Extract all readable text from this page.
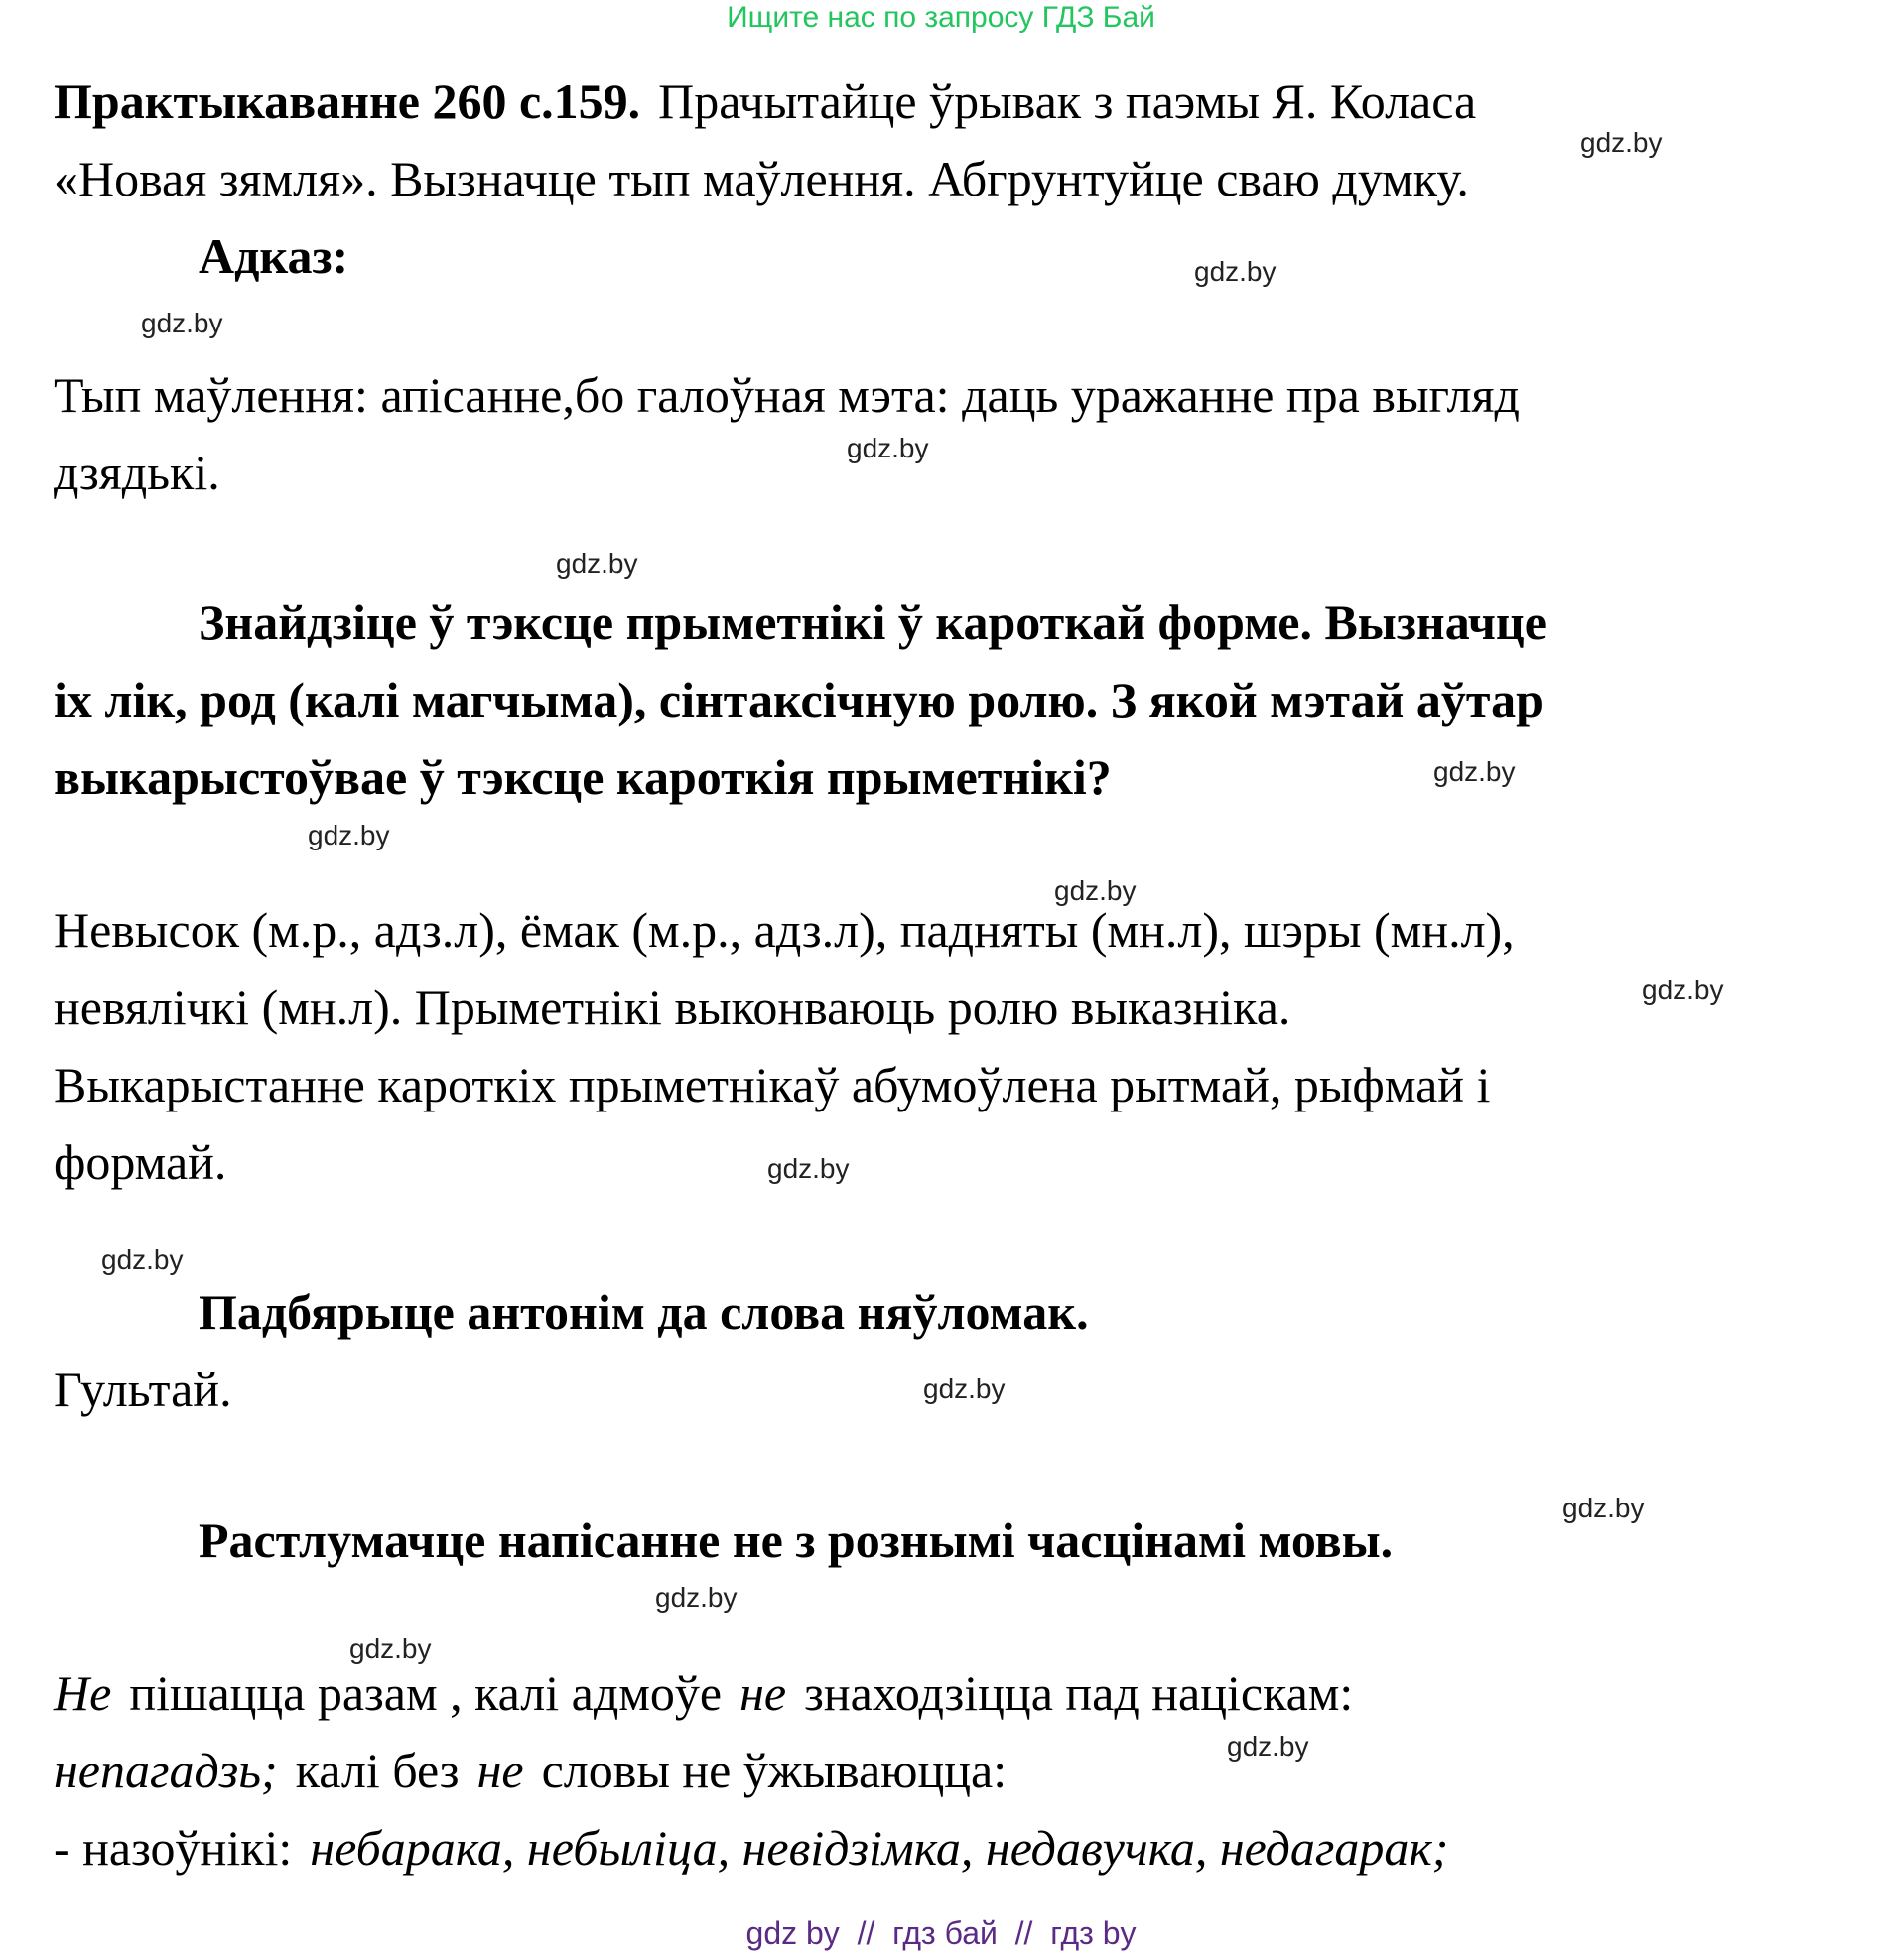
Ищите нас по запросу ГДЗ Бай
Практыкаванне 260 с.159. Прачытайце ўрывак з паэмы Я. Коласа
«Новая зямля». Вызначце тып маўлення. Абгрунтуйце сваю думку.
Адказ:
Тып маўлення: апісанне,бо галоўная мэта: даць уражанне пра выгляд
дзядькі.
Знайдзіце ў тэксце прыметнікі ў кароткай форме. Вызначце
іх лік, род (калі магчыма), сінтаксічную ролю. З якой мэтай аўтар
выкарыстоўвае ў тэксце кароткія прыметнікі?
Невысок (м.р., адз.л), ёмак (м.р., адз.л), падняты (мн.л), шэры (мн.л),
невялічкі (мн.л). Прыметнікі выконваюць ролю выказніка.
Выкарыстанне кароткіх прыметнікаў абумоўлена рытмай, рыфмай і
формай.
Падбярыце антонім да слова няўломак.
Гультай.
Растлумачце напісанне не з рознымі часцінамі мовы.
Не пішацца разам , калі адмоўе не знаходзіцца пад націскам:
непагадзь; калі без не словы не ўжываюцца:
- назоўнікі: небарака, небыліца, невідзімка, недавучка, недагарак;
gdz.by
gdz.by
gdz.by
gdz.by
gdz.by
gdz.by
gdz.by
gdz.by
gdz.by
gdz.by
gdz.by
gdz.by
gdz.by
gdz.by
gdz.by
gdz.by
gdz by  //  гдз бай  //  гдз by
